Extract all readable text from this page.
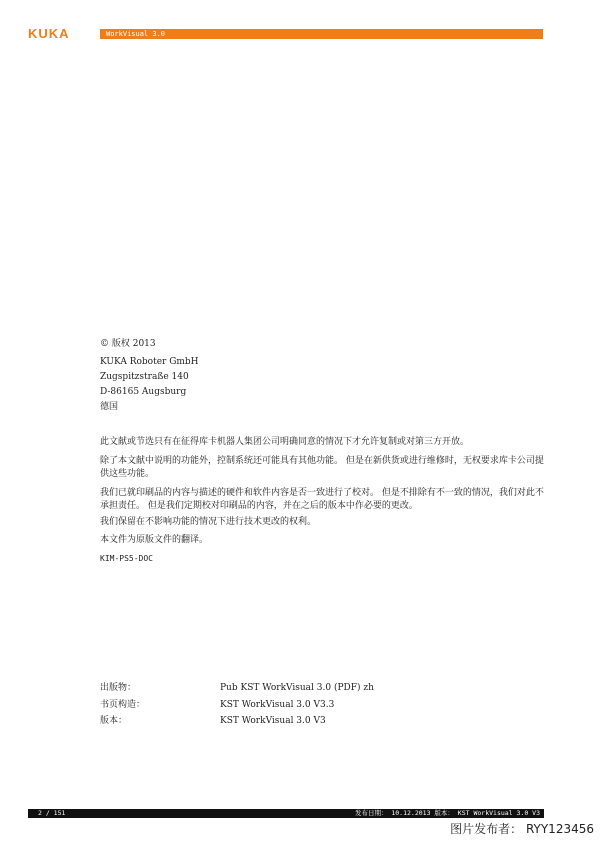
KUKA	WorkVisual 3.0
© 版权 2013
KUKA Roboter GmbH
Zugspitzstraße 140
D-86165 Augsburg
德国
此文献或节选只有在征得库卡机器人集团公司明确同意的情况下才允许复制或对第三方开放。
除了本文献中说明的功能外，控制系统还可能具有其他功能。 但是在新供货或进行维修时，无权要求库卡公司提供这些功能。
我们已就印刷品的内容与描述的硬件和软件内容是否一致进行了校对。 但是不排除有不一致的情况，我们对此不承担责任。 但是我们定期校对印刷品的内容，并在之后的版本中作必要的更改。
我们保留在不影响功能的情况下进行技术更改的权利。
本文件为原版文件的翻译。
KIM-PS5-DOC
出版物：	Pub KST WorkVisual 3.0 (PDF) zh
书页构造：	KST WorkVisual 3.0 V3.3
版本：	KST WorkVisual 3.0 V3
2 / 151	发布日期： 10.12.2013 版本： KST WorkVisual 3.0 V3
图片发布者： RYY123456
